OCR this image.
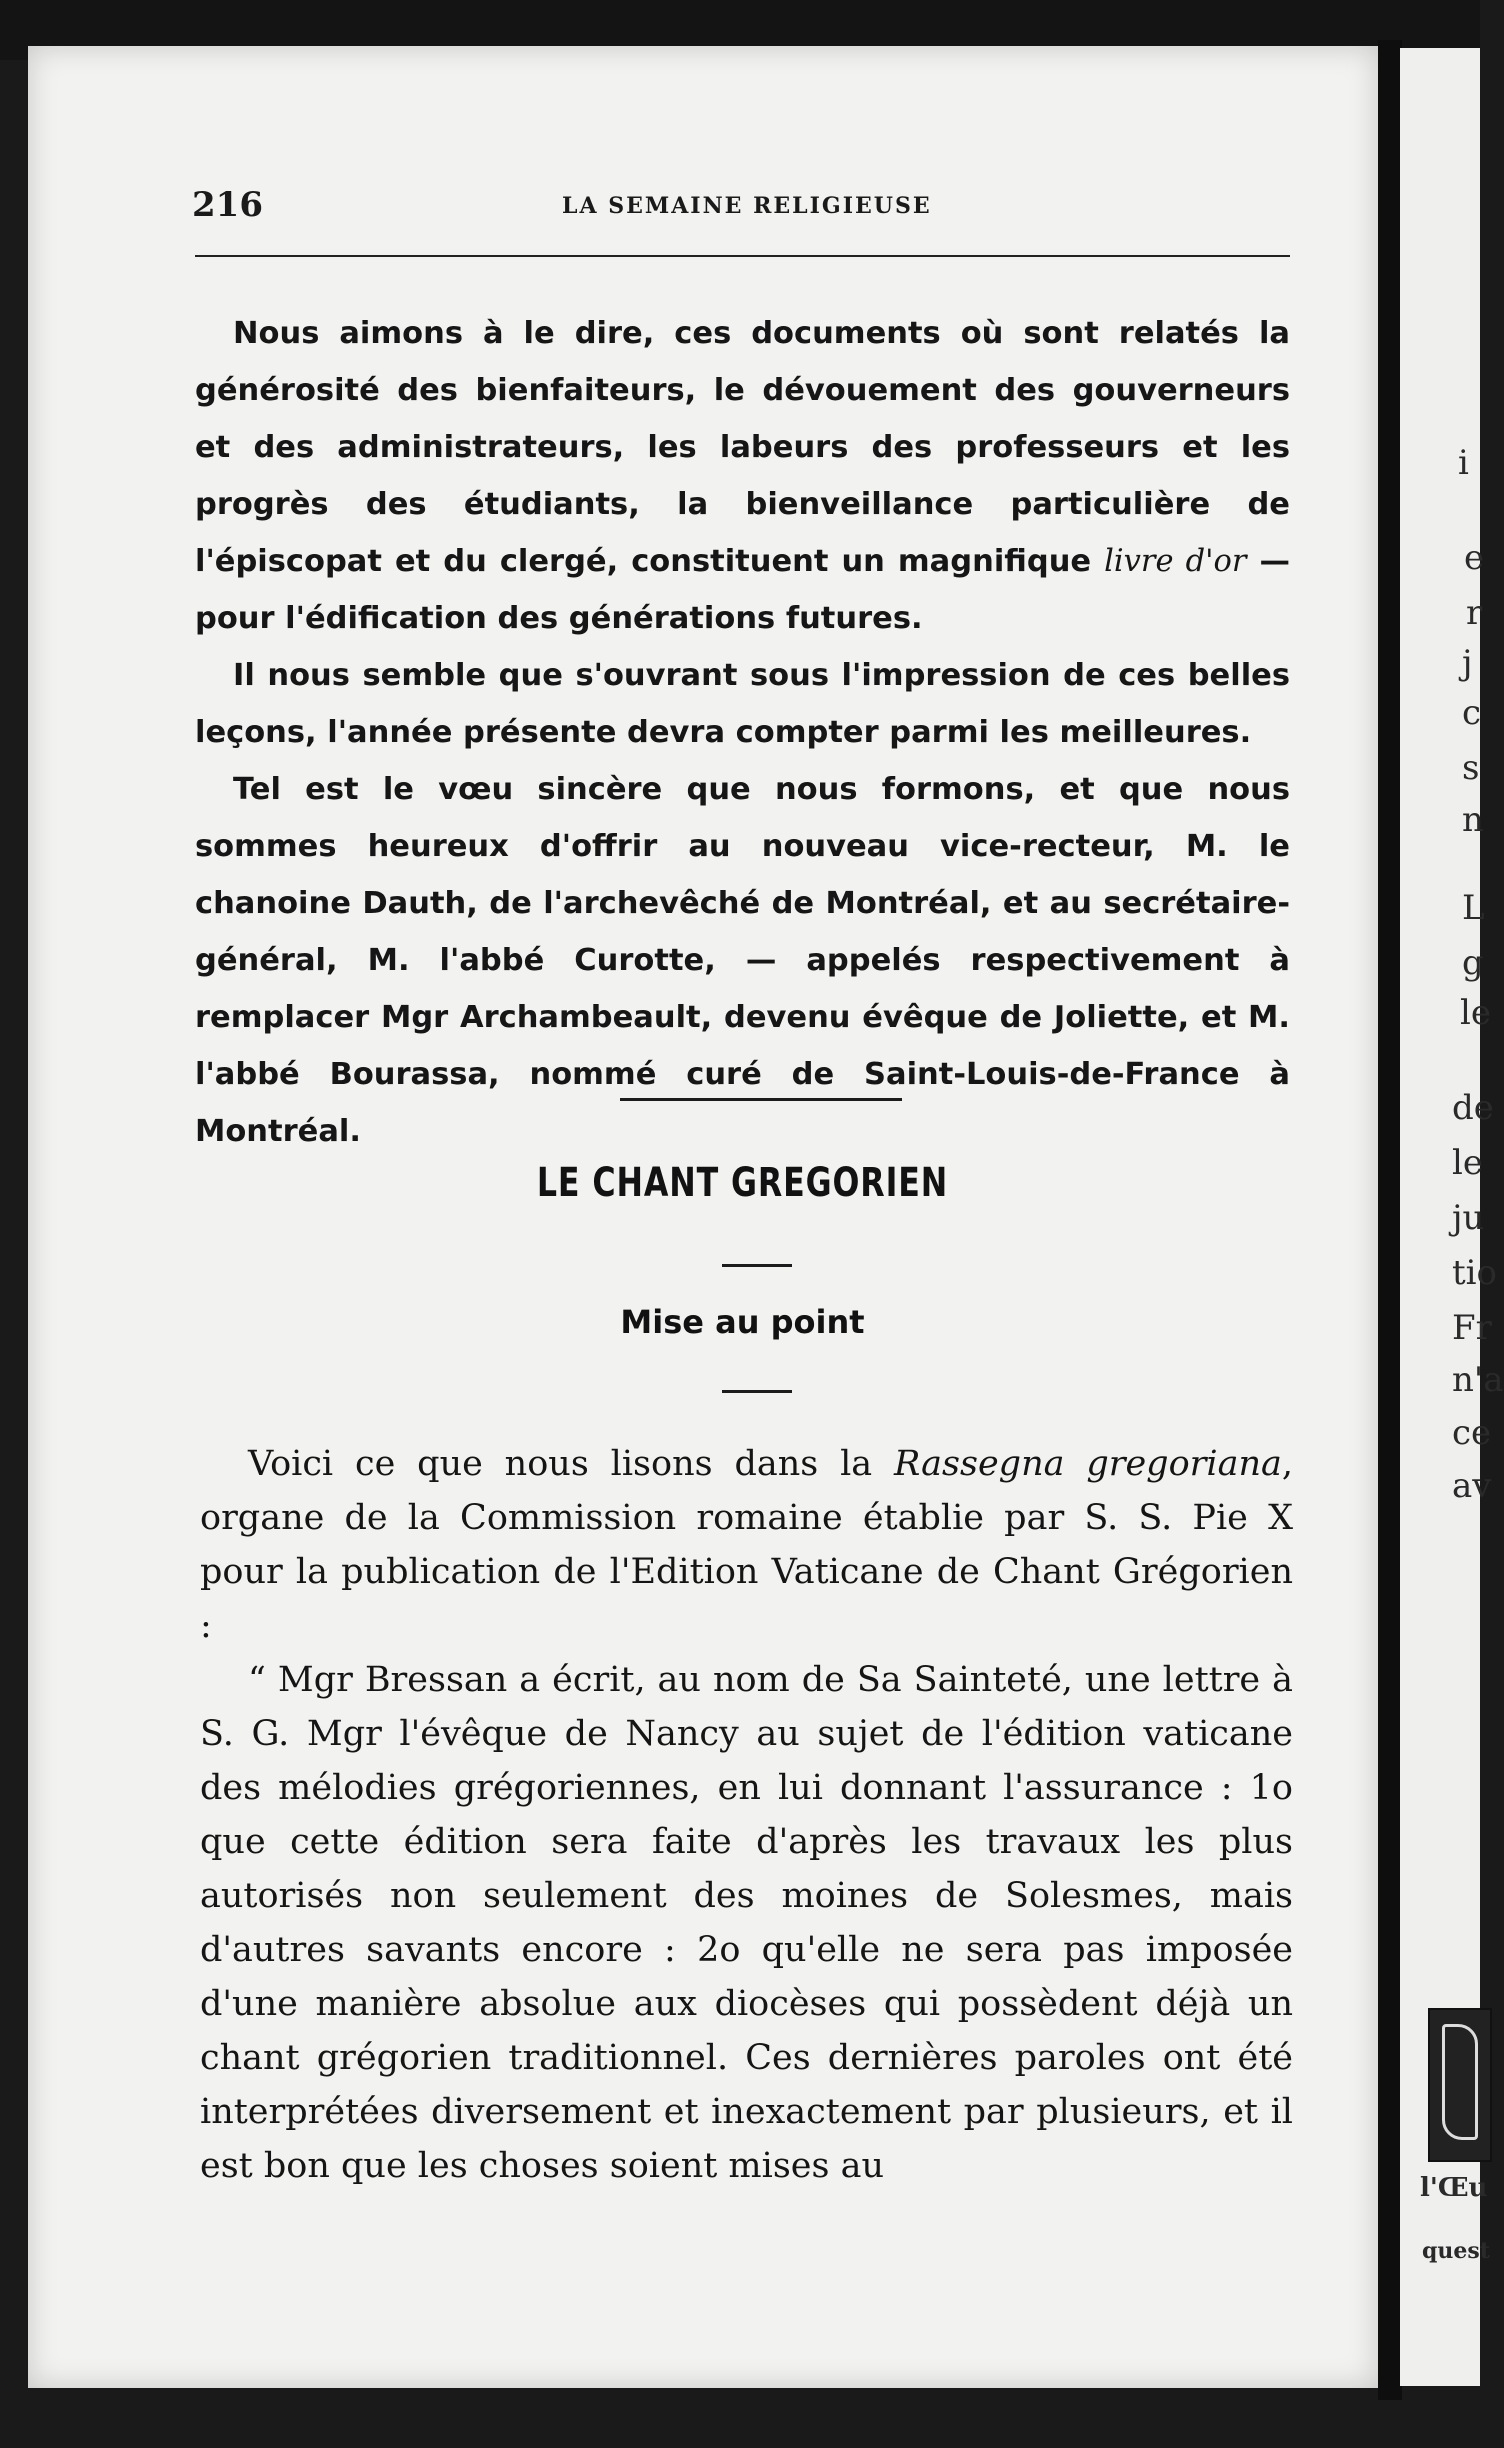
i
e
r
j
c
s
n
L
g
le
de
le
ju
tio
Fr
n'a
ce
av
l'Œu
quest
216	LA SEMAINE RELIGIEUSE

Nous aimons à le dire, ces documents où sont relatés la générosité des bienfaiteurs, le dévouement des gouverneurs et des administrateurs, les labeurs des professeurs et les progrès des étudiants, la bienveillance particulière de l'épiscopat et du clergé, constituent un magnifique livre d'or — pour l'édification des générations futures.

Il nous semble que s'ouvrant sous l'impression de ces belles leçons, l'année présente devra compter parmi les meilleures.

Tel est le vœu sincère que nous formons, et que nous sommes heureux d'offrir au nouveau vice-recteur, M. le chanoine Dauth, de l'archevêché de Montréal, et au secrétaire-général, M. l'abbé Curotte, — appelés respectivement à remplacer Mgr Archambeault, devenu évêque de Joliette, et M. l'abbé Bourassa, nommé curé de Saint-Louis-de-France à Montréal.

LE CHANT GREGORIEN
Mise au point

Voici ce que nous lisons dans la Rassegna gregoriana, organe de la Commission romaine établie par S. S. Pie X pour la publication de l'Edition Vaticane de Chant Grégorien :

“ Mgr Bressan a écrit, au nom de Sa Sainteté, une lettre à S. G. Mgr l'évêque de Nancy au sujet de l'édition vaticane des mélodies grégoriennes, en lui donnant l'assurance : 1o que cette édition sera faite d'après les travaux les plus autorisés non seulement des moines de Solesmes, mais d'autres savants encore : 2o qu'elle ne sera pas imposée d'une manière absolue aux diocèses qui possèdent déjà un chant grégorien traditionnel. Ces dernières paroles ont été interprétées diversement et inexactement par plusieurs, et il est bon que les choses soient mises au
